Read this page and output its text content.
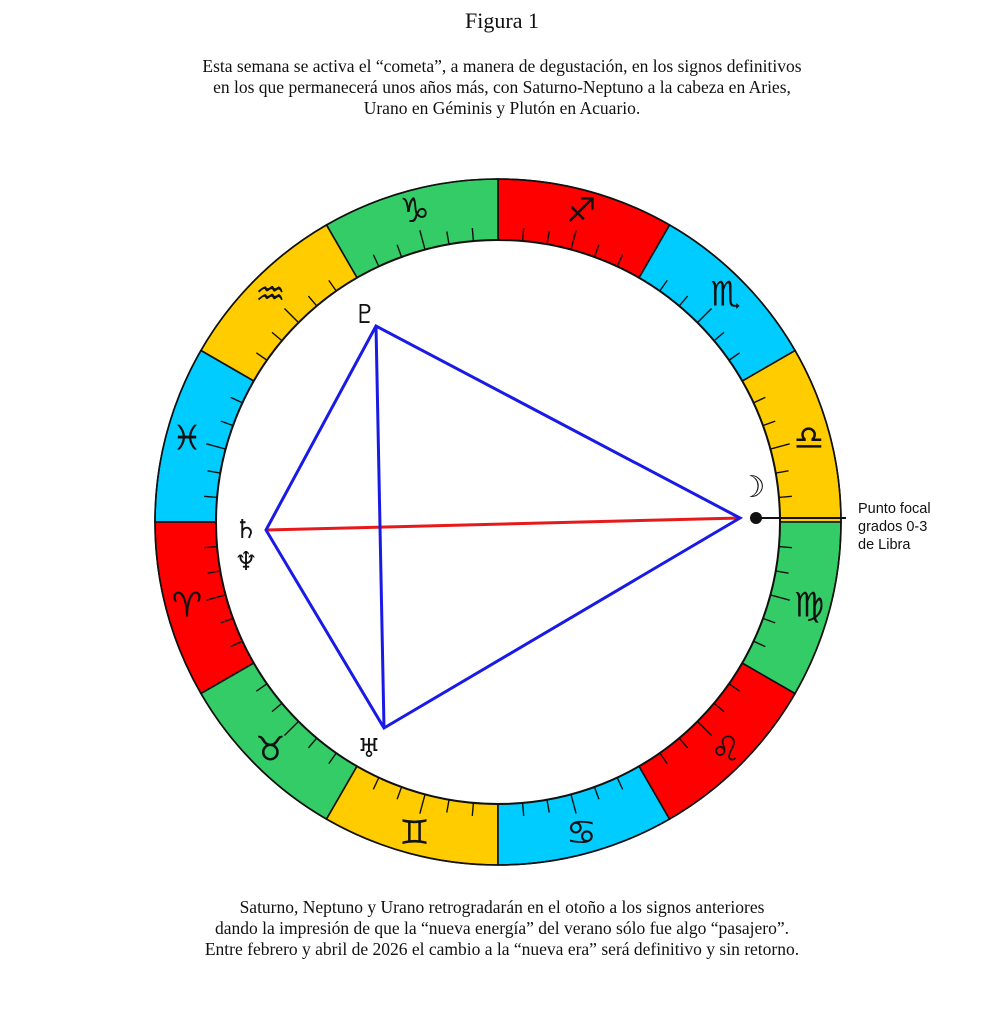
Figura 1
Esta semana se activa el “cometa”, a manera de degustación, en los signos definitivos
en los que permanecerá unos años más, con Saturno-Neptuno a la cabeza en Aries,
Urano en Géminis y Plutón en Acuario.
♎
♏
♐
♑
♒
♓
♈
♉
♊	♋
♌
♍
♇
♄
♆
♅
☽
Punto focal
grados 0-3
de Libra
Saturno, Neptuno y Urano retrogradarán en el otoño a los signos anteriores
dando la impresión de que la “nueva energía” del verano sólo fue algo “pasajero”.
Entre febrero y abril de 2026 el cambio a la “nueva era” será definitivo y sin retorno.
